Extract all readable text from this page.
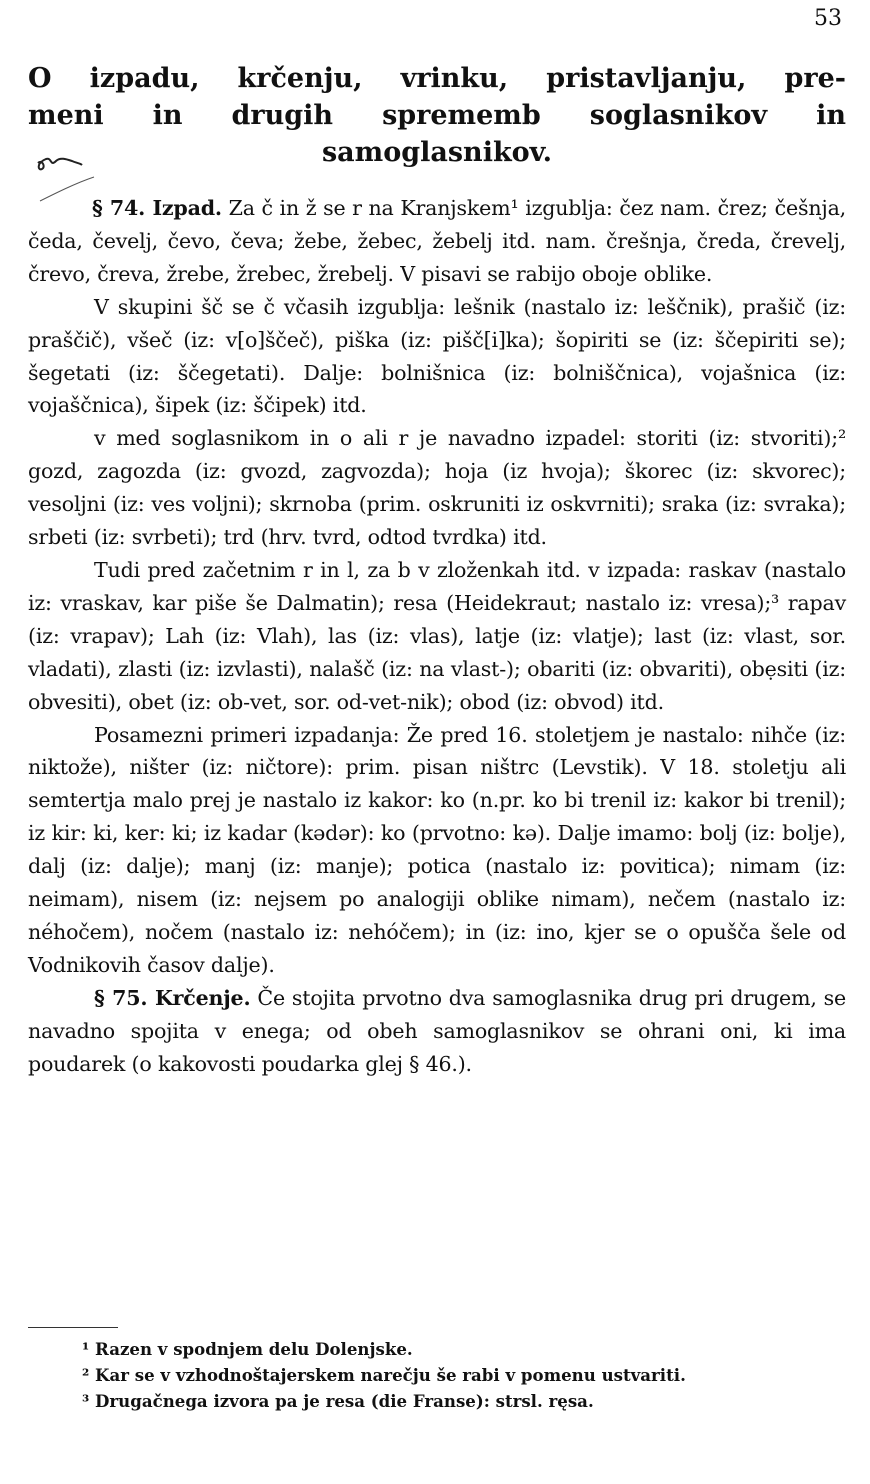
53
O izpadu, krčenju, vrinku, pristavljanju, pre-
meni in drugih sprememb soglasnikov in
samoglasnikov.

§ 74. Izpad. Za č in ž se r na Kranjskem¹ izgublja: čez nam. črez; češnja, čeda, čevelj, čevo, čeva; žebe, žebec, žebelj itd. nam. črešnja, čreda, črevelj, črevo, čreva, žrebe, žrebec, žrebelj. V pisavi se rabijo oboje oblike.

V skupini šč se č včasih izgublja: lešnik (nastalo iz: leščnik), prašič (iz: praščič), všeč (iz: v[o]ščeč), piška (iz: pišč[i]ka); šopiriti se (iz: ščepiriti se); šegetati (iz: ščegetati). Dalje: bolnišnica (iz: bolniščnica), vojašnica (iz: vojaščnica), šipek (iz: ščipek) itd.

v med soglasnikom in o ali r je navadno izpadel: storiti (iz: stvoriti);² gozd, zagozda (iz: gvozd, zagvozda); hoja (iz hvoja); škorec (iz: skvorec); vesoljni (iz: ves voljni); skrnoba (prim. oskruniti iz oskvrniti); sraka (iz: svraka); srbeti (iz: svrbeti); trd (hrv. tvrd, odtod tvrdka) itd.

Tudi pred začetnim r in l, za b v zloženkah itd. v izpada: raskav (nastalo iz: vraskav, kar piše še Dalmatin); resa (Heidekraut; nastalo iz: vresa);³ rapav (iz: vrapav); Lah (iz: Vlah), las (iz: vlas), latje (iz: vlatje); last (iz: vlast, sor. vladati), zlasti (iz: izvlasti), nalašč (iz: na vlast-); obariti (iz: obvariti), obẹsiti (iz: obvesiti), obet (iz: ob-vet, sor. od-vet-nik); obod (iz: obvod) itd.

Posamezni primeri izpadanja: Že pred 16. stoletjem je nastalo: nihče (iz: niktože), ništer (iz: ničtore): prim. pisan ništrc (Levstik). V 18. stoletju ali semtertja malo prej je nastalo iz kakor: ko (n.pr. ko bi trenil iz: kakor bi trenil); iz kir: ki, ker: ki; iz kadar (kədər): ko (prvotno: kə). Dalje imamo: bolj (iz: bolje), dalj (iz: dalje); manj (iz: manje); potica (nastalo iz: povitica); nimam (iz: neimam), nisem (iz: nejsem po analogiji oblike nimam), nečem (nastalo iz: néhočem), nočem (nastalo iz: nehóčem); in (iz: ino, kjer se o opušča šele od Vodnikovih časov dalje).

§ 75. Krčenje. Če stojita prvotno dva samoglasnika drug pri drugem, se navadno spojita v enega; od obeh samoglasnikov se ohrani oni, ki ima poudarek (o kakovosti poudarka glej § 46.).

¹ Razen v spodnjem delu Dolenjske.
² Kar se v vzhodnoštajerskem narečju še rabi v pomenu ustvariti.
³ Drugačnega izvora pa je resa (die Franse): strsl. ręsa.
